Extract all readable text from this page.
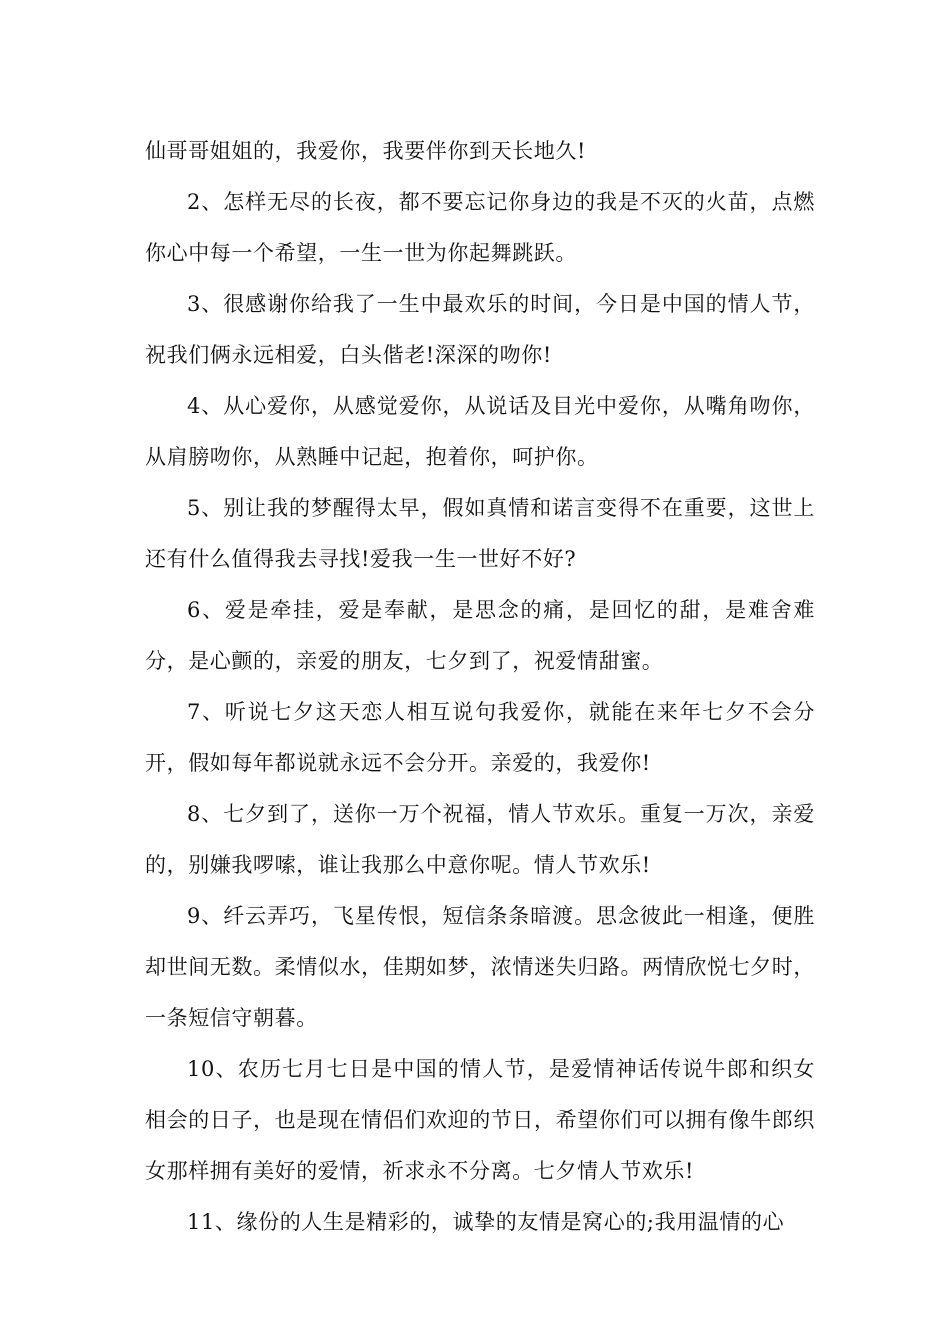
仙哥哥姐姐的，我爱你，我要伴你到天长地久!

2、怎样无尽的长夜，都不要忘记你身边的我是不灭的火苗，点燃你心中每一个希望，一生一世为你起舞跳跃。

3、很感谢你给我了一生中最欢乐的时间，今日是中国的情人节，祝我们俩永远相爱，白头偕老!深深的吻你!

4、从心爱你，从感觉爱你，从说话及目光中爱你，从嘴角吻你，从肩膀吻你，从熟睡中记起，抱着你，呵护你。

5、别让我的梦醒得太早，假如真情和诺言变得不在重要，这世上还有什么值得我去寻找!爱我一生一世好不好?

6、爱是牵挂，爱是奉献，是思念的痛，是回忆的甜，是难舍难分，是心颤的，亲爱的朋友，七夕到了，祝爱情甜蜜。

7、听说七夕这天恋人相互说句我爱你，就能在来年七夕不会分开，假如每年都说就永远不会分开。亲爱的，我爱你!

8、七夕到了，送你一万个祝福，情人节欢乐。重复一万次，亲爱的，别嫌我啰嗦，谁让我那么中意你呢。情人节欢乐!

9、纤云弄巧，飞星传恨，短信条条暗渡。思念彼此一相逢，便胜却世间无数。柔情似水，佳期如梦，浓情迷失归路。两情欣悦七夕时，一条短信守朝暮。

10、农历七月七日是中国的情人节，是爱情神话传说牛郎和织女相会的日子，也是现在情侣们欢迎的节日，希望你们可以拥有像牛郎织女那样拥有美好的爱情，祈求永不分离。七夕情人节欢乐!

11、缘份的人生是精彩的，诚挚的友情是窝心的;我用温情的心
